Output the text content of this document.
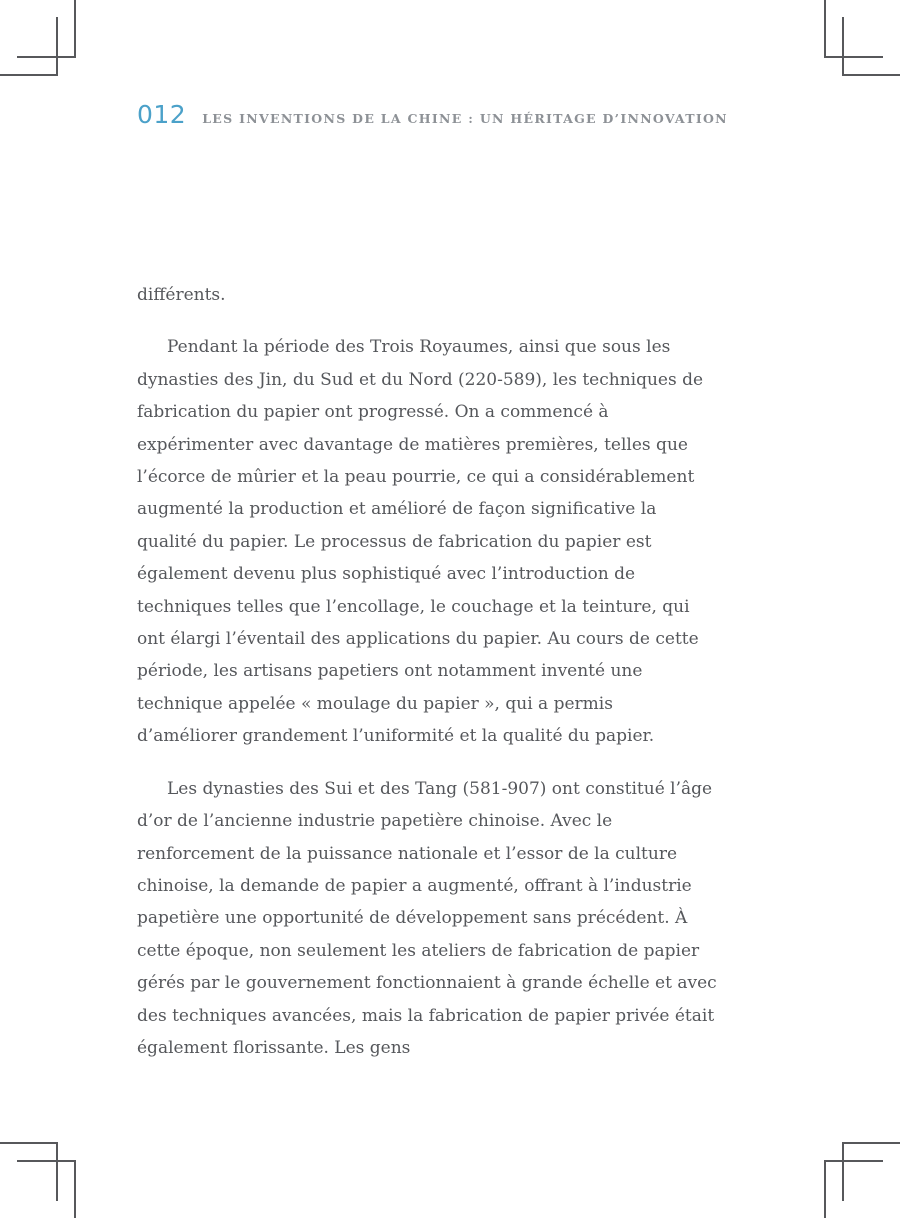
012 LES INVENTIONS DE LA CHINE : UN HÉRITAGE D’INNOVATION

différents.

Pendant la période des Trois Royaumes, ainsi que sous les dynasties des Jin, du Sud et du Nord (220-589), les techniques de fabrication du papier ont progressé. On a commencé à expérimenter avec davantage de matières premières, telles que l’écorce de mûrier et la peau pourrie, ce qui a considérablement augmenté la production et amélioré de façon significative la qualité du papier. Le processus de fabrication du papier est également devenu plus sophistiqué avec l’introduction de techniques telles que l’encollage, le couchage et la teinture, qui ont élargi l’éventail des applications du papier. Au cours de cette période, les artisans papetiers ont notamment inventé une technique appelée « moulage du papier », qui a permis d’améliorer grandement l’uniformité et la qualité du papier.

Les dynasties des Sui et des Tang (581-907) ont constitué l’âge d’or de l’ancienne industrie papetière chinoise. Avec le renforcement de la puissance nationale et l’essor de la culture chinoise, la demande de papier a augmenté, offrant à l’industrie papetière une opportunité de développement sans précédent. À cette époque, non seulement les ateliers de fabrication de papier gérés par le gouvernement fonctionnaient à grande échelle et avec des techniques avancées, mais la fabrication de papier privée était également florissante. Les gens
